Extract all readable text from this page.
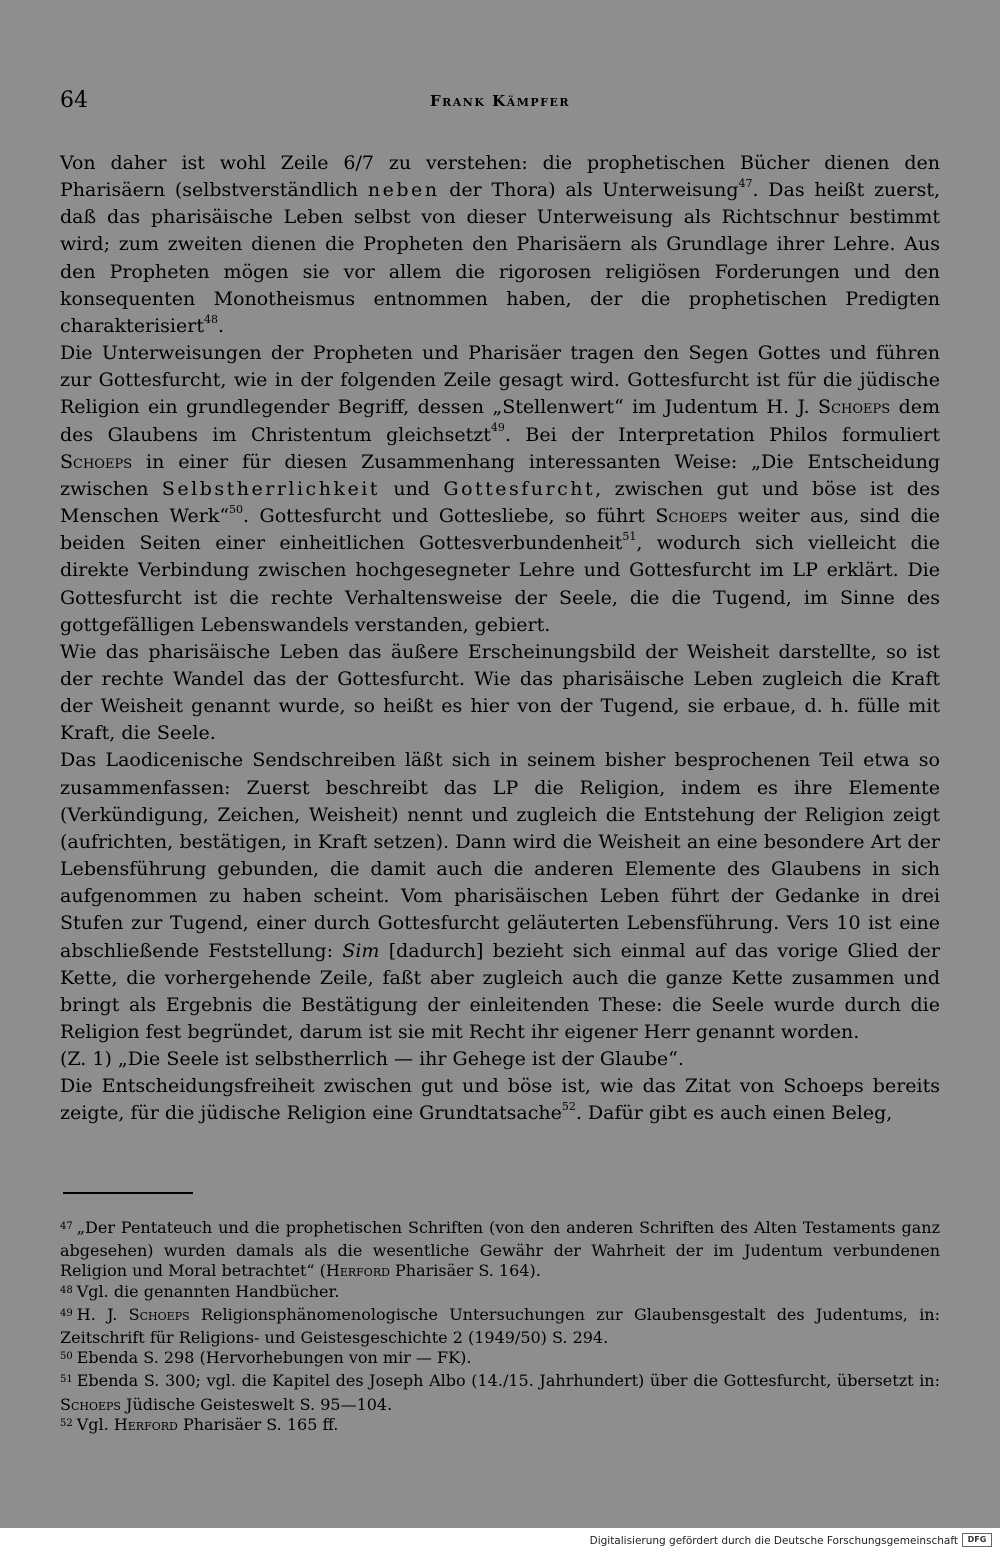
64	Frank Kämpfer

Von daher ist wohl Zeile 6/7 zu verstehen: die prophetischen Bücher dienen den Pharisäern (selbstverständlich neben der Thora) als Unterweisung$^{47}$. Das heißt zuerst, daß das pharisäische Leben selbst von dieser Unterweisung als Richtschnur bestimmt wird; zum zweiten dienen die Propheten den Pharisäern als Grundlage ihrer Lehre. Aus den Propheten mögen sie vor allem die rigorosen religiösen Forderungen und den konsequenten Monotheismus entnommen haben, der die prophetischen Predigten charakterisiert$^{48}$.

Die Unterweisungen der Propheten und Pharisäer tragen den Segen Gottes und führen zur Gottesfurcht, wie in der folgenden Zeile gesagt wird. Gottesfurcht ist für die jüdische Religion ein grundlegender Begriff, dessen „Stellenwert“ im Judentum H. J. Schoeps dem des Glaubens im Christentum gleichsetzt$^{49}$. Bei der Interpretation Philos formuliert Schoeps in einer für diesen Zusammenhang interessanten Weise: „Die Entscheidung zwischen Selbstherrlichkeit und Gottesfurcht, zwischen gut und böse ist des Menschen Werk“$^{50}$. Gottesfurcht und Gottesliebe, so führt Schoeps weiter aus, sind die beiden Seiten einer einheitlichen Gottesverbundenheit$^{51}$, wodurch sich vielleicht die direkte Verbindung zwischen hochgesegneter Lehre und Gottesfurcht im LP erklärt. Die Gottesfurcht ist die rechte Verhaltensweise der Seele, die die Tugend, im Sinne des gottgefälligen Lebenswandels verstanden, gebiert.

Wie das pharisäische Leben das äußere Erscheinungsbild der Weisheit darstellte, so ist der rechte Wandel das der Gottesfurcht. Wie das pharisäische Leben zugleich die Kraft der Weisheit genannt wurde, so heißt es hier von der Tugend, sie erbaue, d. h. fülle mit Kraft, die Seele.

Das Laodicenische Sendschreiben läßt sich in seinem bisher besprochenen Teil etwa so zusammenfassen: Zuerst beschreibt das LP die Religion, indem es ihre Elemente (Verkündigung, Zeichen, Weisheit) nennt und zugleich die Entstehung der Religion zeigt (aufrichten, bestätigen, in Kraft setzen). Dann wird die Weisheit an eine besondere Art der Lebensführung gebunden, die damit auch die anderen Elemente des Glaubens in sich aufgenommen zu haben scheint. Vom pharisäischen Leben führt der Gedanke in drei Stufen zur Tugend, einer durch Gottesfurcht geläuterten Lebensführung. Vers 10 ist eine abschließende Feststellung: Sim [dadurch] bezieht sich einmal auf das vorige Glied der Kette, die vorhergehende Zeile, faßt aber zugleich auch die ganze Kette zusammen und bringt als Ergebnis die Bestätigung der einleitenden These: die Seele wurde durch die Religion fest begründet, darum ist sie mit Recht ihr eigener Herr genannt worden.

(Z. 1) „Die Seele ist selbstherrlich — ihr Gehege ist der Glaube“.

Die Entscheidungsfreiheit zwischen gut und böse ist, wie das Zitat von Schoeps bereits zeigte, für die jüdische Religion eine Grundtatsache$^{52}$. Dafür gibt es auch einen Beleg,

$^{47}$ „Der Pentateuch und die prophetischen Schriften (von den anderen Schriften des Alten Testaments ganz abgesehen) wurden damals als die wesentliche Gewähr der Wahrheit der im Judentum verbundenen Religion und Moral betrachtet“ (Herford Pharisäer S. 164).

$^{48}$ Vgl. die genannten Handbücher.

$^{49}$ H. J. Schoeps Religionsphänomenologische Untersuchungen zur Glaubensgestalt des Judentums, in: Zeitschrift für Religions- und Geistesgeschichte 2 (1949/50) S. 294.

$^{50}$ Ebenda S. 298 (Hervorhebungen von mir — FK).

$^{51}$ Ebenda S. 300; vgl. die Kapitel des Joseph Albo (14./15. Jahrhundert) über die Gottesfurcht, übersetzt in: Schoeps Jüdische Geisteswelt S. 95—104.

$^{52}$ Vgl. Herford Pharisäer S. 165 ff.

Digitalisierung gefördert durch die Deutsche Forschungsgemeinschaft	DFG
